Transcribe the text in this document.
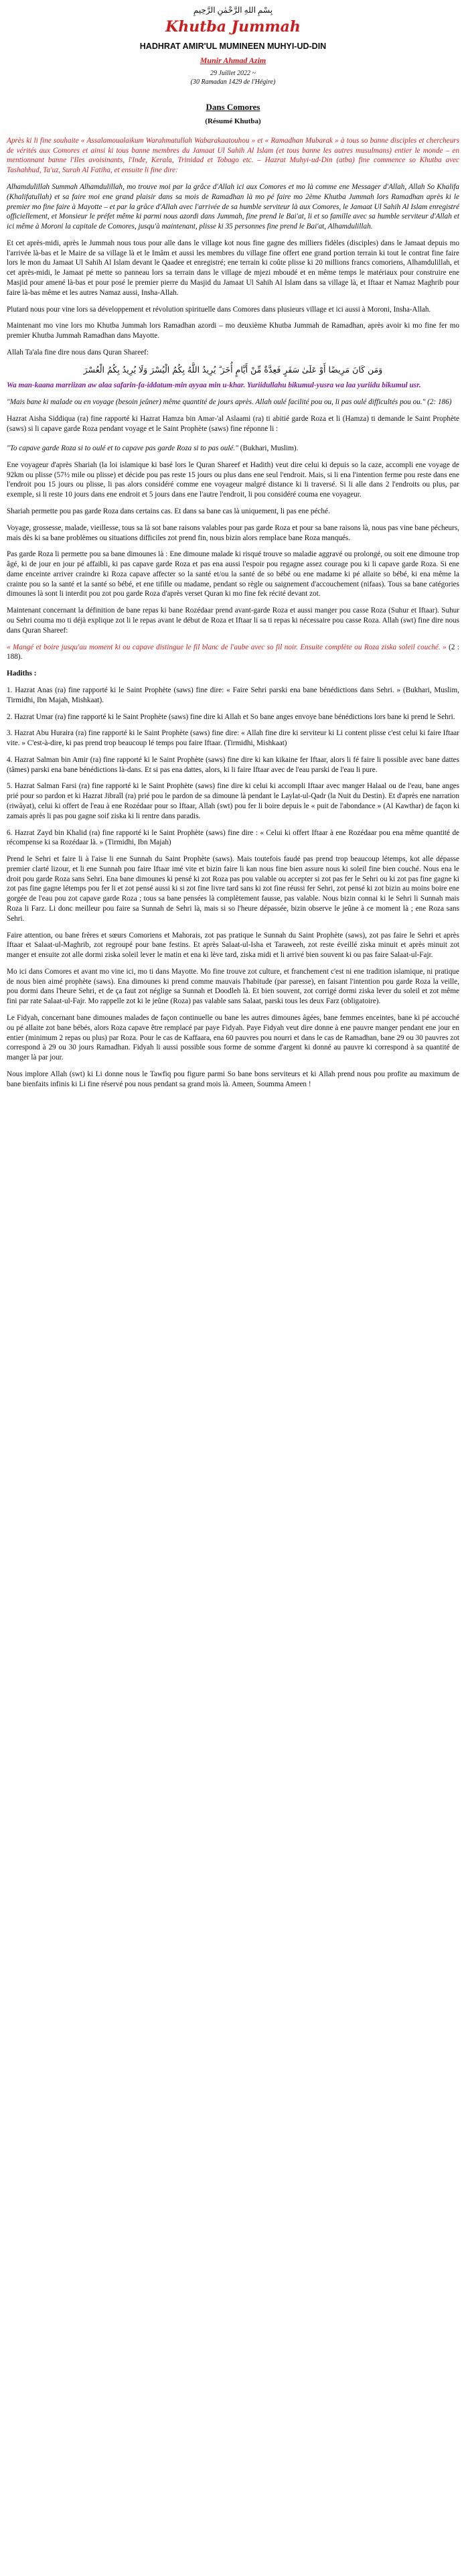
بِسْمِ اللهِ الرَّحْمٰنِ الرَّحِيمِ

Khutba Jummah
HADHRAT AMIR'UL MUMINEEN MUHYI-UD-DIN
Munir Ahmad Azim

29 Juillet 2022 ~

(30 Ramadan 1429 de l'Hégire)

Dans Comores
(Résumé Khutba)

Après ki li fine souhaite « Assalamoualaikum Warahmatullah Wabarakaatouhou » et « Ramadhan Mubarak » à tous so banne disciples et chercheurs de vérités aux Comores et ainsi ki tous banne membres du Jamaat Ul Sahih Al Islam (et tous banne les autres musulmans) entier le monde – en mentionnant banne l'Iles avoisinants, l'Inde, Kerala, Trinidad et Tobago etc. – Hazrat Muhyi-ud-Din (atba) fine commence so Khutba avec Tashahhud, Ta'uz, Surah Al Fatiha, et ensuite li fine dire:

Alhamdulillah Summah Alhamdulillah, mo trouve moi par la grâce d'Allah ici aux Comores et mo là comme ene Messager d'Allah, Allah So Khalifa (Khalifatullah) et sa faire moi ene grand plaisir dans sa mois de Ramadhan là mo pé faire mo 2ème Khutba Jummah lors Ramadhan après ki le premier mo fine faire à Mayotte – et par la grâce d'Allah avec l'arrivée de sa humble serviteur là aux Comores, le Jamaat Ul Sahih Al Islam enregistré officiellement, et Monsieur le préfet même ki parmi nous azordi dans Jummah, fine prend le Bai'at, li et so famille avec sa humble serviteur d'Allah et ici même à Moroni la capitale de Comores, jusqu'à maintenant, plisse ki 35 personnes fine prend le Bai'at, Alhamdulillah.

Et cet après-midi, après le Jummah nous tous pour alle dans le village kot nous fine gagne des milliers fidèles (disciples) dans le Jamaat depuis mo l'arrivée là-bas et le Maire de sa village là et le Imâm et aussi les membres du village fine offert ene grand portion terrain ki tout le contrat fine faire lors le mon du Jamaat Ul Sahih Al Islam devant le Qaadee et enregistré; ene terrain ki coûte plisse ki 20 millions francs comoriens, Alhamdulillah, et cet après-midi, le Jamaat pé mette so panneau lors sa terrain dans le village de mjezi mboudé et en même temps le matériaux pour construire ene Masjid pour amené là-bas et pour posé le premier pierre du Masjid du Jamaat Ul Sahih Al Islam dans sa village là, et Iftaar et Namaz Maghrib pour faire là-bas même et les autres Namaz aussi, Insha-Allah.

Plutard nous pour vine lors sa développement et révolution spirituelle dans Comores dans plusieurs village et ici aussi à Moroni, Insha-Allah.

Maintenant mo vine lors mo Khutba Jummah lors Ramadhan azordi – mo deuxième Khutba Jummah de Ramadhan, après avoir ki mo fine fer mo premier Khutba Jummah Ramadhan dans Mayotte.

Allah Ta'ala fine dire nous dans Quran Shareef:

وَمَن كَانَ مَرِيضًا أَوْ عَلَىٰ سَفَرٍ فَعِدَّةٌ مِّنْ أَيَّامٍ أُخَرَ ۗ يُرِيدُ اللَّهُ بِكُمُ الْيُسْرَ وَلَا يُرِيدُ بِكُمُ الْعُسْرَ

Wa man-kaana marriizan aw alaa safarin-fa-iddatum-min ayyaa min u-khar. Yuriidullahu bikumul-yusra wa laa yuriidu bikumul usr.

"Mais bane ki malade ou en voyage (besoin jeûner) même quantité de jours après. Allah oulé facilité pou ou, li pas oulé difficultés pou ou." (2: 186)

Hazrat Aisha Siddiqua (ra) fine rapporté ki Hazrat Hamza bin Amar-'al Aslaami (ra) ti abitié garde Roza et li (Hamza) ti demande le Saint Prophète (saws) si li capave garde Roza pendant voyage et le Saint Prophète (saws) fine réponne li :

"To capave garde Roza si to oulé et to capave pas garde Roza si to pas oulé." (Bukhari, Muslim).

Ene voyageur d'après Shariah (la loi islamique ki basé lors le Quran Shareef et Hadith) veut dire celui ki depuis so la caze, accompli ene voyage de 92km ou plisse (57½ mile ou plisse) et décide pou pas reste 15 jours ou plus dans ene seul l'endroit. Mais, si li ena l'intention ferme pou reste dans ene l'endroit pou 15 jours ou plisse, li pas alors considéré comme ene voyageur malgré distance ki li traversé. Si li alle dans 2 l'endroits ou plus, par exemple, si li reste 10 jours dans ene endroit et 5 jours dans ene l'autre l'endroit, li pou considéré couma ene voyageur.

Shariah permette pou pas garde Roza dans certains cas. Et dans sa bane cas là uniquement, li pas ene péché.

Voyage, grossesse, malade, vieillesse, tous sa là sot bane raisons valables pour pas garde Roza et pour sa bane raisons là, nous pas vine bane pécheurs, mais dès ki sa bane problèmes ou situations difficiles zot prend fin, nous bizin alors remplace bane Roza manqués.

Pas garde Roza li permette pou sa bane dimounes là : Ene dimoune malade ki risqué trouve so maladie aggravé ou prolongé, ou soit ene dimoune trop âgé, ki de jour en jour pé affaibli, ki pas capave garde Roza et pas ena aussi l'espoir pou regagne assez courage pou ki li capave garde Roza. Si ene dame enceinte arriver craindre ki Roza capave affecter so la santé et/ou la santé de so bébé ou ene madame ki pé allaite so bébé, ki ena même la crainte pou so la santé et la santé so bébé, et ene tifille ou madame, pendant so règle ou saignement d'accouchement (nifaas). Tous sa bane catégories dimounes là sont li interdit pou zot pou garde Roza d'après verset Quran ki mo fine fek récité devant zot.

Maintenant concernant la définition de bane repas ki bane Rozédaar prend avant-garde Roza et aussi manger pou casse Roza (Suhur et Iftaar). Suhur ou Sehri couma mo ti déjà explique zot li le repas avant le début de Roza et Iftaar li sa ti repas ki nécessaire pou casse Roza. Allah (swt) fine dire nous dans Quran Shareef:

« Mangé et boire jusqu'au moment ki ou capave distingue le fil blanc de l'aube avec so fil noir. Ensuite complète ou Roza ziska soleil couché. » (2 : 188).

Hadiths :

1. Hazrat Anas (ra) fine rapporté ki le Saint Prophète (saws) fine dire: « Faire Sehri parski ena bane bénédictions dans Sehri. » (Bukhari, Muslim, Tirmidhi, Ibn Majah, Mishkaat).

2. Hazrat Umar (ra) fine rapporté ki le Saint Prophète (saws) fine dire ki Allah et So bane anges envoye bane bénédictions lors bane ki prend le Sehri.

3. Hazrat Abu Huraira (ra) fine rapporté ki le Saint Prophète (saws) fine dire: « Allah fine dire ki serviteur ki Li content plisse c'est celui ki faire Iftaar vite. » C'est-à-dire, ki pas prend trop beaucoup lé temps pou faire Iftaar. (Tirmidhi, Mishkaat)

4. Hazrat Salman bin Amir (ra) fine rapporté ki le Saint Prophète (saws) fine dire ki kan kikaine fer Iftaar, alors li fé faire li possible avec bane dattes (tâmes) parski ena bane bénédictions là-dans. Et si pas ena dattes, alors, ki li faire Iftaar avec de l'eau parski de l'eau li pure.

5. Hazrat Salman Farsi (ra) fine rapporté ki le Saint Prophète (saws) fine dire ki celui ki accompli Iftaar avec manger Halaal ou de l'eau, bane anges prié pour so pardon et ki Hazrat Jibraîl (ra) prié pou le pardon de sa dimoune là pendant le Laylat-ul-Qadr (la Nuit du Destin). Et d'après ene narration (riwâyat), celui ki offert de l'eau à ene Rozédaar pour so Iftaar, Allah (swt) pou fer li boire depuis le « puit de l'abondance » (Al Kawthar) de façon ki zamais après li pas pou gagne soif ziska ki li rentre dans paradis.

6. Hazrat Zayd bin Khalid (ra) fine rapporté ki le Saint Prophète (saws) fine dire : « Celui ki offert Iftaar à ene Rozédaar pou ena même quantité de récompense ki sa Rozédaar là. » (Tirmidhi, Ibn Majah)

Prend le Sehri et faire li à l'aise li ene Sunnah du Saint Prophète (saws). Mais toutefois faudé pas prend trop beaucoup létemps, kot alle dépasse premier clarté lizour, et li ene Sunnah pou faire Iftaar imé vite et bizin faire li kan nous fine bien assure nous ki soleil fine bien couché. Nous ena le droit pou garde Roza sans Sehri. Ena bane dimounes ki pensé ki zot Roza pas pou valable ou accepter si zot pas fer le Sehri ou ki zot pas fine gagne ki zot pas fine gagne létemps pou fer li et zot pensé aussi ki si zot fine livre tard sans ki zot fine réussi fer Sehri, zot pensé ki zot bizin au moins boire ene gorgée de l'eau pou zot capave garde Roza ; tous sa bane pensées là complètement fausse, pas valable. Nous bizin connai ki le Sehri li Sunnah mais Roza li Farz. Li donc meilleur pou faire sa Sunnah de Sehri là, mais si so l'heure dépassée, bizin observe le jeûne à ce moment là ; ene Roza sans Sehri.

Faire attention, ou bane frères et sœurs Comoriens et Mahorais, zot pas pratique le Sunnah du Saint Prophète (saws), zot pas faire le Sehri et après Iftaar et Salaat-ul-Maghrib, zot regroupé pour bane festins. Et après Salaat-ul-Isha et Taraweeh, zot reste éveillé ziska minuit et après minuit zot manger et ensuite zot alle dormi ziska soleil lever le matin et ena ki lève tard, ziska midi et li arrivé bien souvent ki ou pas faire Salaat-ul-Fajr.

Mo ici dans Comores et avant mo vine ici, mo ti dans Mayotte. Mo fine trouve zot culture, et franchement c'est ni ene tradition islamique, ni pratique de nous bien aimé prophète (saws). Ena dimounes ki prend comme mauvais l'habitude (par paresse), en faisant l'intention pou garde Roza la veille, pou dormi dans l'heure Sehri, et de ça faut zot néglige sa Sunnah et Doodleh là. Et bien souvent, zot corrigé dormi ziska lever du soleil et zot même fini par rate Salaat-ul-Fajr. Mo rappelle zot ki le jeûne (Roza) pas valable sans Salaat, parski tous les deux Farz (obligatoire).

Le Fidyah, concernant bane dimounes malades de façon continuelle ou bane les autres dimounes âgées, bane femmes enceintes, bane ki pé accouché ou pé allaite zot bane bébés, alors Roza capave être remplacé par paye Fidyah. Paye Fidyah veut dire donne à ene pauvre manger pendant ene jour en entier (minimum 2 repas ou plus) par Roza. Pour le cas de Kaffaara, ena 60 pauvres pou nourri et dans le cas de Ramadhan, bane 29 ou 30 pauvres zot correspond à 29 ou 30 jours Ramadhan. Fidyah li aussi possible sous forme de somme d'argent ki donné au pauvre ki correspond à sa quantité de manger là par jour.

Nous implore Allah (swt) ki Li donne nous le Tawfiq pou figure parmi So bane bons serviteurs et ki Allah prend nous pou profite au maximum de bane bienfaits infinis ki Li fine réservé pou nous pendant sa grand mois là. Ameen, Soumma Ameen !
